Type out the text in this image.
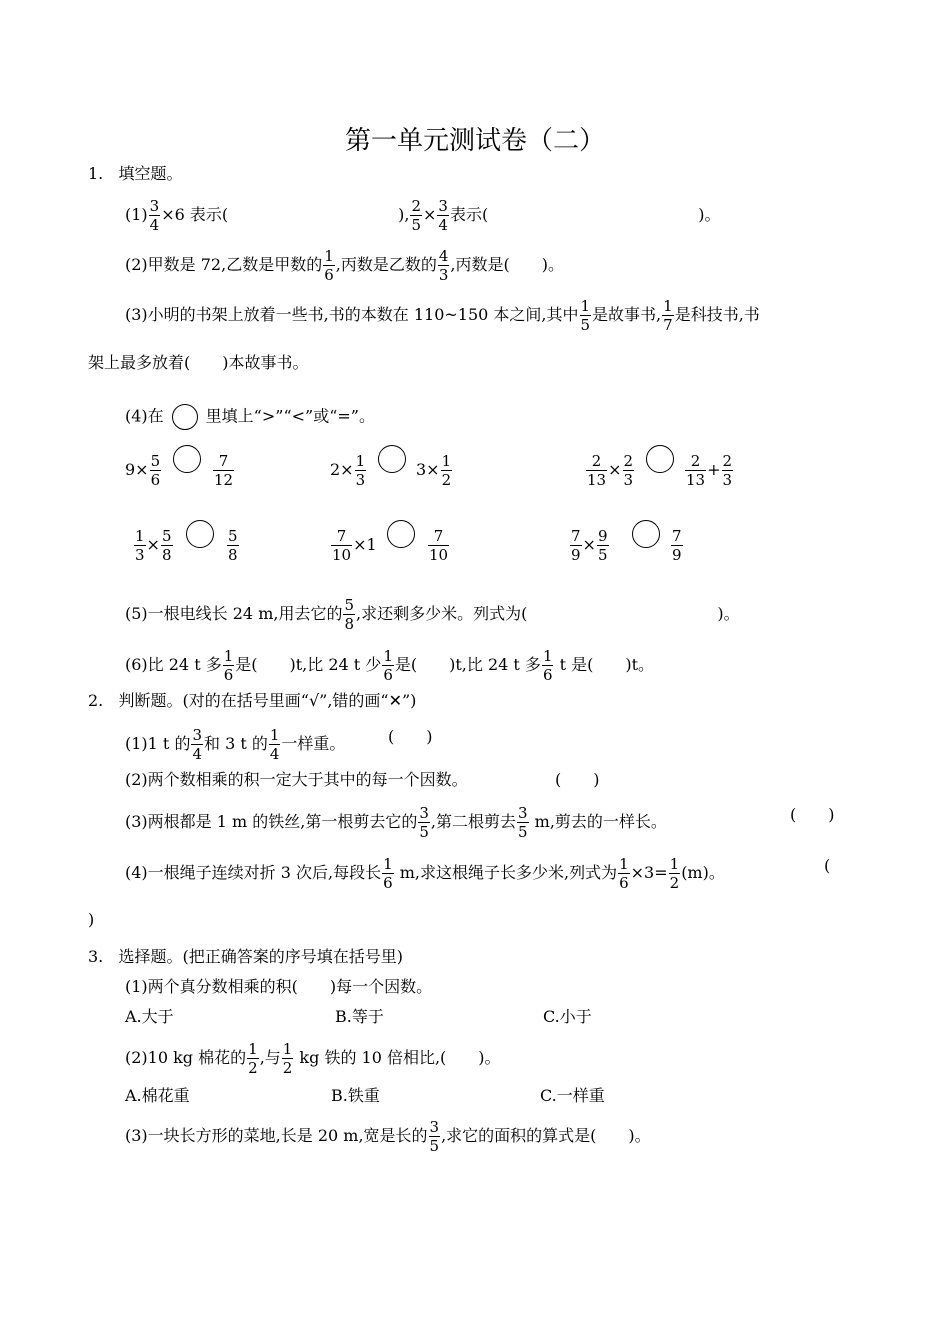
第一单元测试卷（二）
1. 填空题。
$(1) \frac{3}{4} \times 6$ 表示(	), $\frac{2}{5} \times \frac{3}{4}$ 表示(	)。
(2)甲数是 72,乙数是甲数的 $\frac{1}{6}$ ,丙数是乙数的 $\frac{4}{3}$ ,丙数是(　　)。
(3)小明的书架上放着一些书,书的本数在 110~150 本之间,其中 $\frac{1}{5}$ 是故事书, $\frac{1}{7}$ 是科技书,书
架上最多放着(　　)本故事书。
(4)在	里填上“>”“<”或“=”。
$9\times \frac{5}{6}$	$\frac{7}{12}$	$2\times \frac{1}{3}$	$3\times \frac{1}{2}$	$\frac{2}{13} \times \frac{2}{3}$	$\frac{2}{13} + \frac{2}{3}$
$\frac{1}{3} \times \frac{5}{8}$	$\frac{5}{8}$	$\frac{7}{10} \times 1$	$\frac{7}{10}$	$\frac{7}{9} \times \frac{9}{5}$	$\frac{7}{9}$
(5)一根电线长 24 m,用去它的 $\frac{5}{8}$ ,求还剩多少米。列式为(	)。
(6)比 24 t 多 $\frac{1}{6}$ 是(　　)t,比 24 t 少 $\frac{1}{6}$ 是(　　)t,比 24 t 多 $\frac{1}{6}$ t 是(　　)t。
2. 判断题。(对的在括号里画“√”,错的画“✕”)
(1)1 t 的 $\frac{3}{4}$ 和 3 t 的 $\frac{1}{4}$ 一样重。	(　　)
(2)两个数相乘的积一定大于其中的每一个因数。	(　　)
(3)两根都是 1 m 的铁丝,第一根剪去它的 $\frac{3}{5}$ ,第二根剪去 $\frac{3}{5} m$,剪去的一样长。	(　　)
(4)一根绳子连续对折 3 次后,每段长 $\frac{1}{6} m$,求这根绳子长多少米,列式为 $\frac{1}{6} \times 3= \frac{1}{2} (m)$。	(
)
3. 选择题。(把正确答案的序号填在括号里)
(1)两个真分数相乘的积(　　)每一个因数。
A.大于	B.等于	C.小于
(2)10 kg 棉花的 $\frac{1}{2}$ ,与 $\frac{1}{2}$ kg 铁的 10 倍相比,(　　)。
A.棉花重	B.铁重	C.一样重
(3)一块长方形的菜地,长是 20 m,宽是长的 $\frac{3}{5}$ ,求它的面积的算式是(　　)。
